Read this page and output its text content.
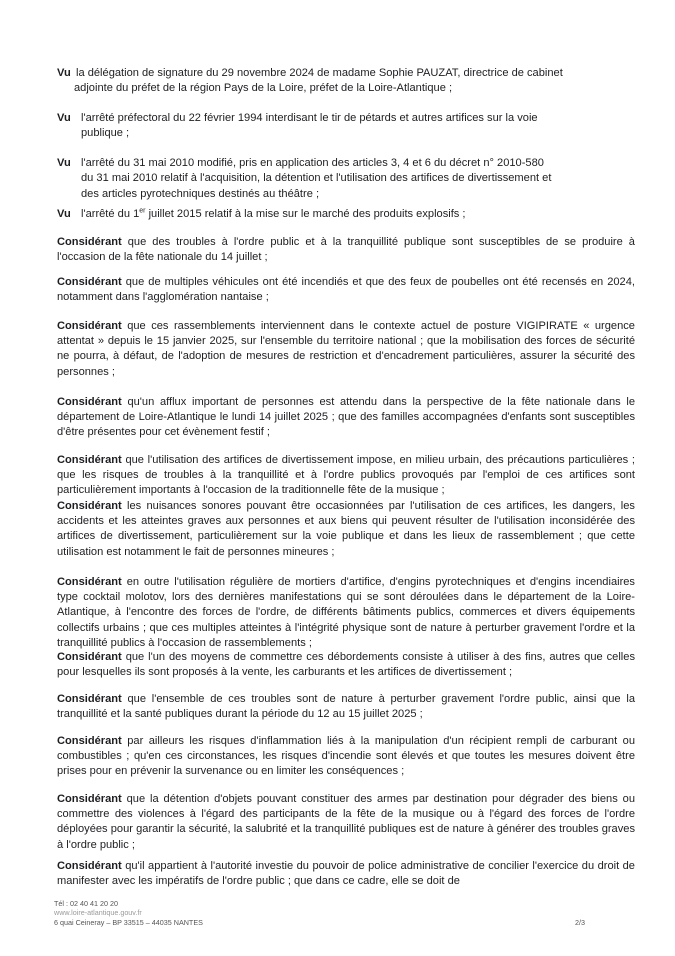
Vu la délégation de signature du 29 novembre 2024 de madame Sophie PAUZAT, directrice de cabinet
adjointe du préfet de la région Pays de la Loire, préfet de la Loire-Atlantique ;
Vu l'arrêté préfectoral du 22 février 1994 interdisant le tir de pétards et autres artifices sur la voie
publique ;
Vu l'arrêté du 31 mai 2010 modifié, pris en application des articles 3, 4 et 6 du décret n° 2010-580
du 31 mai 2010 relatif à l'acquisition, la détention et l'utilisation des artifices de divertissement et
des articles pyrotechniques destinés au théâtre ;
Vu l'arrêté du 1er juillet 2015 relatif à la mise sur le marché des produits explosifs ;
Considérant que des troubles à l'ordre public et à la tranquillité publique sont susceptibles de se produire à l'occasion de la fête nationale du 14 juillet ;
Considérant que de multiples véhicules ont été incendiés et que des feux de poubelles ont été recensés en 2024, notamment dans l'agglomération nantaise ;
Considérant que ces rassemblements interviennent dans le contexte actuel de posture VIGIPIRATE « urgence attentat » depuis le 15 janvier 2025, sur l'ensemble du territoire national ; que la mobilisation des forces de sécurité ne pourra, à défaut, de l'adoption de mesures de restriction et d'encadrement particulières, assurer la sécurité des personnes ;
Considérant qu'un afflux important de personnes est attendu dans la perspective de la fête nationale dans le département de Loire-Atlantique le lundi 14 juillet 2025 ; que des familles accompagnées d'enfants sont susceptibles d'être présentes pour cet évènement festif ;
Considérant que l'utilisation des artifices de divertissement impose, en milieu urbain, des précautions particulières ; que les risques de troubles à la tranquillité et à l'ordre publics provoqués par l'emploi de ces artifices sont particulièrement importants à l'occasion de la traditionnelle fête de la musique ;
Considérant les nuisances sonores pouvant être occasionnées par l'utilisation de ces artifices, les dangers, les accidents et les atteintes graves aux personnes et aux biens qui peuvent résulter de l'utilisation inconsidérée des artifices de divertissement, particulièrement sur la voie publique et dans les lieux de rassemblement ; que cette utilisation est notamment le fait de personnes mineures ;
Considérant en outre l'utilisation régulière de mortiers d'artifice, d'engins pyrotechniques et d'engins incendiaires type cocktail molotov, lors des dernières manifestations qui se sont déroulées dans le département de la Loire-Atlantique, à l'encontre des forces de l'ordre, de différents bâtiments publics, commerces et divers équipements collectifs urbains ; que ces multiples atteintes à l'intégrité physique sont de nature à perturber gravement l'ordre et la tranquillité publics à l'occasion de rassemblements ;
Considérant que l'un des moyens de commettre ces débordements consiste à utiliser à des fins, autres que celles pour lesquelles ils sont proposés à la vente, les carburants et les artifices de divertissement ;
Considérant que l'ensemble de ces troubles sont de nature à perturber gravement l'ordre public, ainsi que la tranquillité et la santé publiques durant la période du 12 au 15 juillet 2025 ;
Considérant par ailleurs les risques d'inflammation liés à la manipulation d'un récipient rempli de carburant ou combustibles ; qu'en ces circonstances, les risques d'incendie sont élevés et que toutes les mesures doivent être prises pour en prévenir la survenance ou en limiter les conséquences ;
Considérant que la détention d'objets pouvant constituer des armes par destination pour dégrader des biens ou commettre des violences à l'égard des participants de la fête de la musique ou à l'égard des forces de l'ordre déployées pour garantir la sécurité, la salubrité et la tranquillité publiques est de nature à générer des troubles graves à l'ordre public ;
Considérant qu'il appartient à l'autorité investie du pouvoir de police administrative de concilier l'exercice du droit de manifester avec les impératifs de l'ordre public ; que dans ce cadre, elle se doit de
Tél : 02 40 41 20 20
www.loire-atlantique.gouv.fr
6 quai Ceineray – BP 33515 – 44035 NANTES	2/3
